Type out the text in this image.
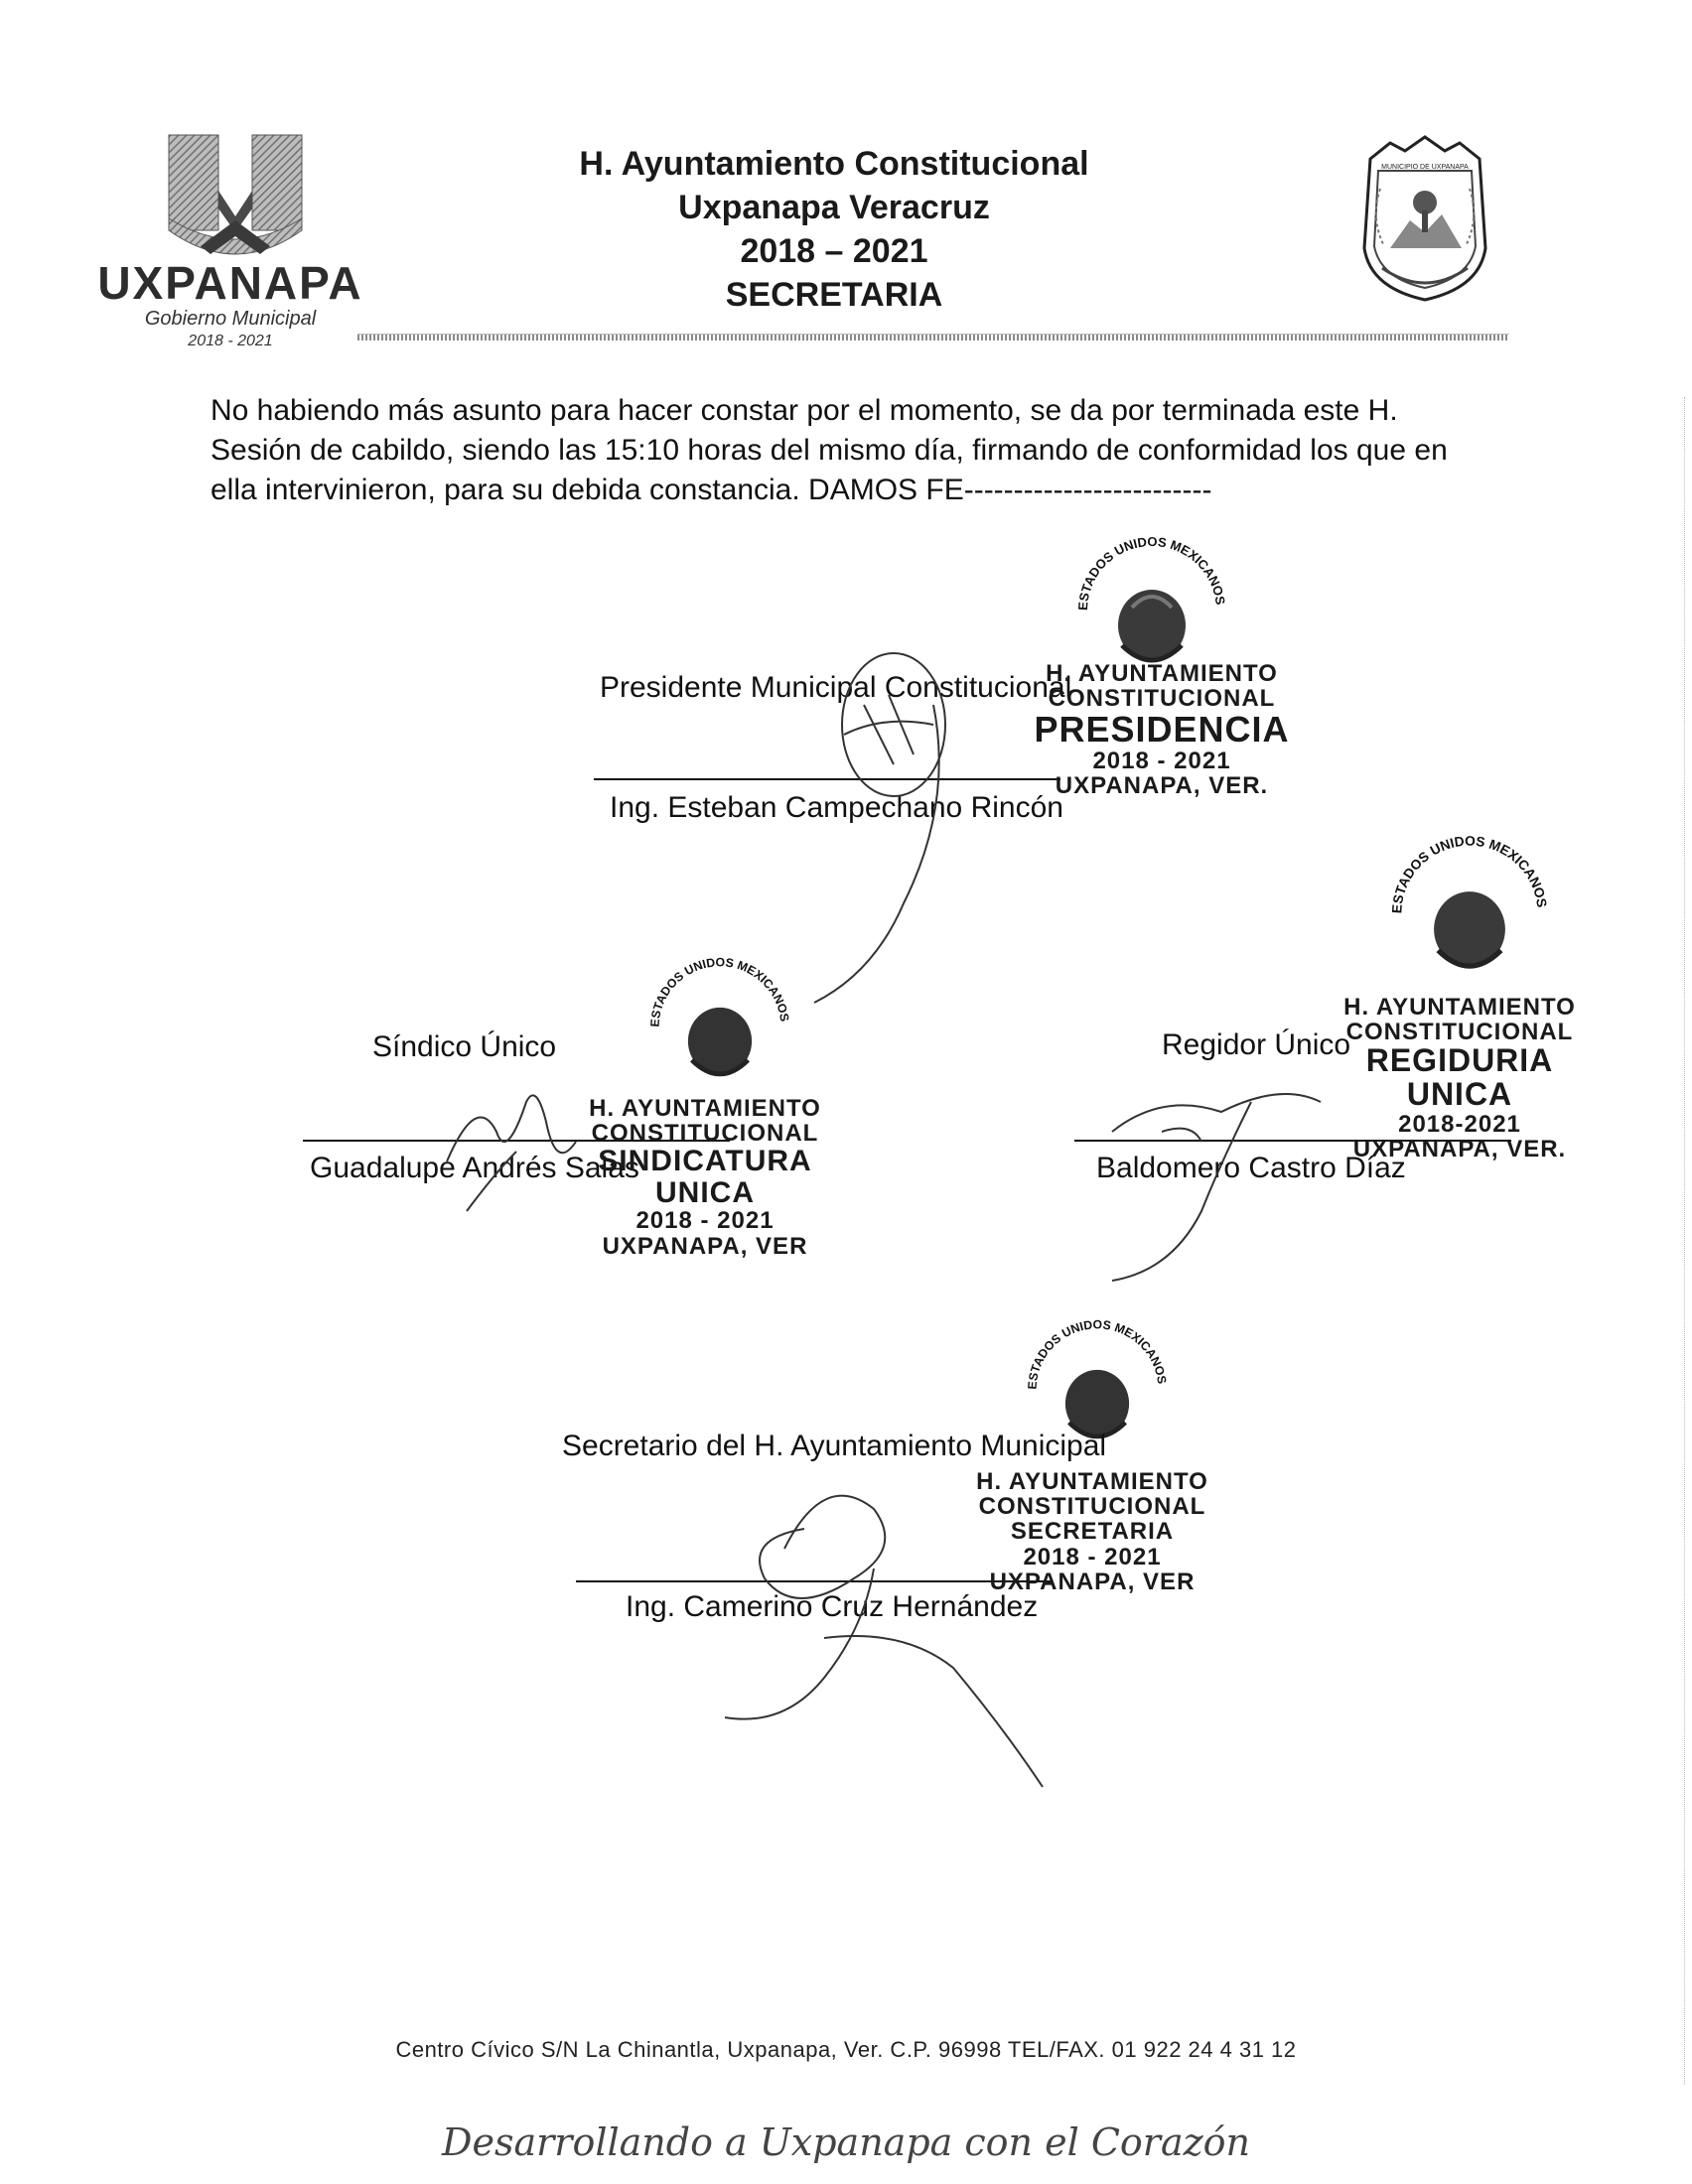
UXPANAPA
Gobierno Municipal
2018 - 2021
H. Ayuntamiento Constitucional
Uxpanapa Veracruz
2018 – 2021
SECRETARIA
MUNICIPIO DE UXPANAPA
No habiendo más asunto para hacer constar por el momento, se da por terminada este H. Sesión de cabildo, siendo las 15:10 horas del mismo día, firmando de conformidad los que en ella intervinieron, para su debida constancia. DAMOS FE-------------------------
ESTADOS UNIDOS MEXICANOS
ESTADOS UNIDOS MEXICANOS
ESTADOS UNIDOS MEXICANOS
ESTADOS UNIDOS MEXICANOS
Presidente Municipal Constitucional
Ing. Esteban Campechano Rincón
H. AYUNTAMIENTO
CONSTITUCIONAL
PRESIDENCIA
2018 - 2021
UXPANAPA, VER.
Síndico Único
Guadalupe Andrés Salas
H. AYUNTAMIENTO
CONSTITUCIONAL
SINDICATURA UNICA
2018 - 2021
UXPANAPA, VER
Regidor Único
Baldomero Castro Díaz
H. AYUNTAMIENTO
CONSTITUCIONAL
REGIDURIA UNICA
2018-2021
UXPANAPA, VER.
Secretario del H. Ayuntamiento Municipal
Ing. Camerino Cruz Hernández
H. AYUNTAMIENTO
CONSTITUCIONAL
SECRETARIA
2018 - 2021
UXPANAPA, VER
Centro Cívico S/N La Chinantla, Uxpanapa, Ver. C.P. 96998 TEL/FAX. 01 922 24 4 31 12
Desarrollando a Uxpanapa con el Corazón
